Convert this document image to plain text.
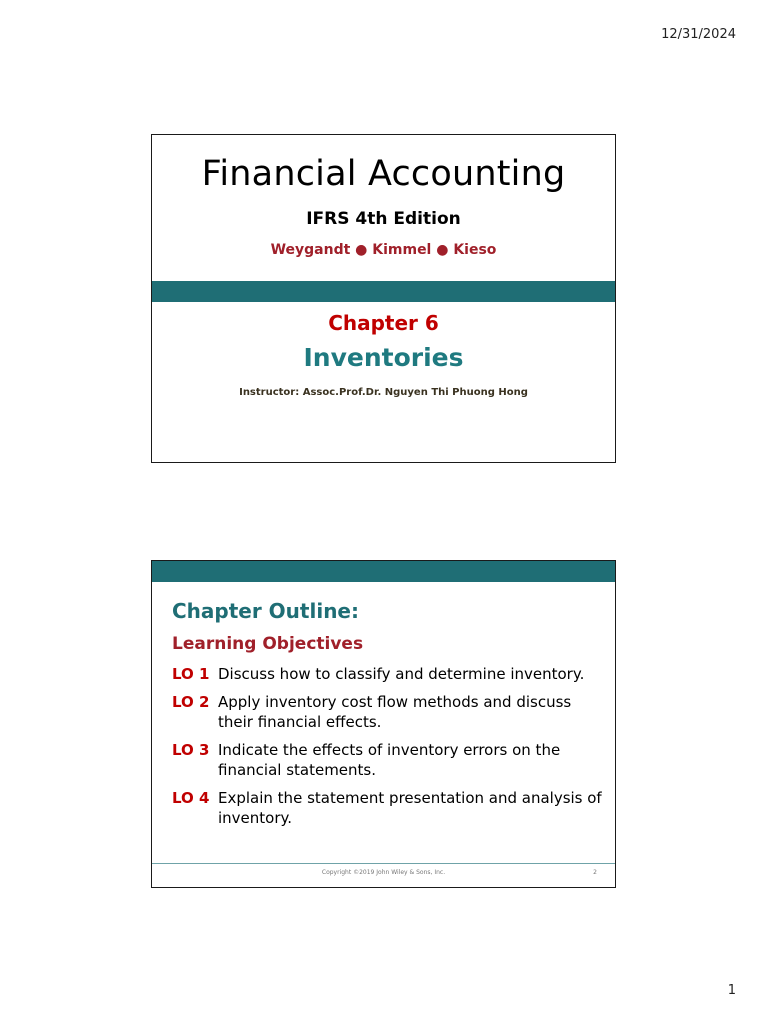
12/31/2024
Financial Accounting
IFRS 4th Edition
Weygandt ● Kimmel ● Kieso
Chapter 6
Inventories
Instructor: Assoc.Prof.Dr. Nguyen Thi Phuong Hong
Chapter Outline:
Learning Objectives
LO 1 Discuss how to classify and determine inventory.
LO 2 Apply inventory cost flow methods and discuss their financial effects.
LO 3 Indicate the effects of inventory errors on the financial statements.
LO 4 Explain the statement presentation and analysis of inventory.
Copyright ©2019 John Wiley & Sons, Inc.	2
1
